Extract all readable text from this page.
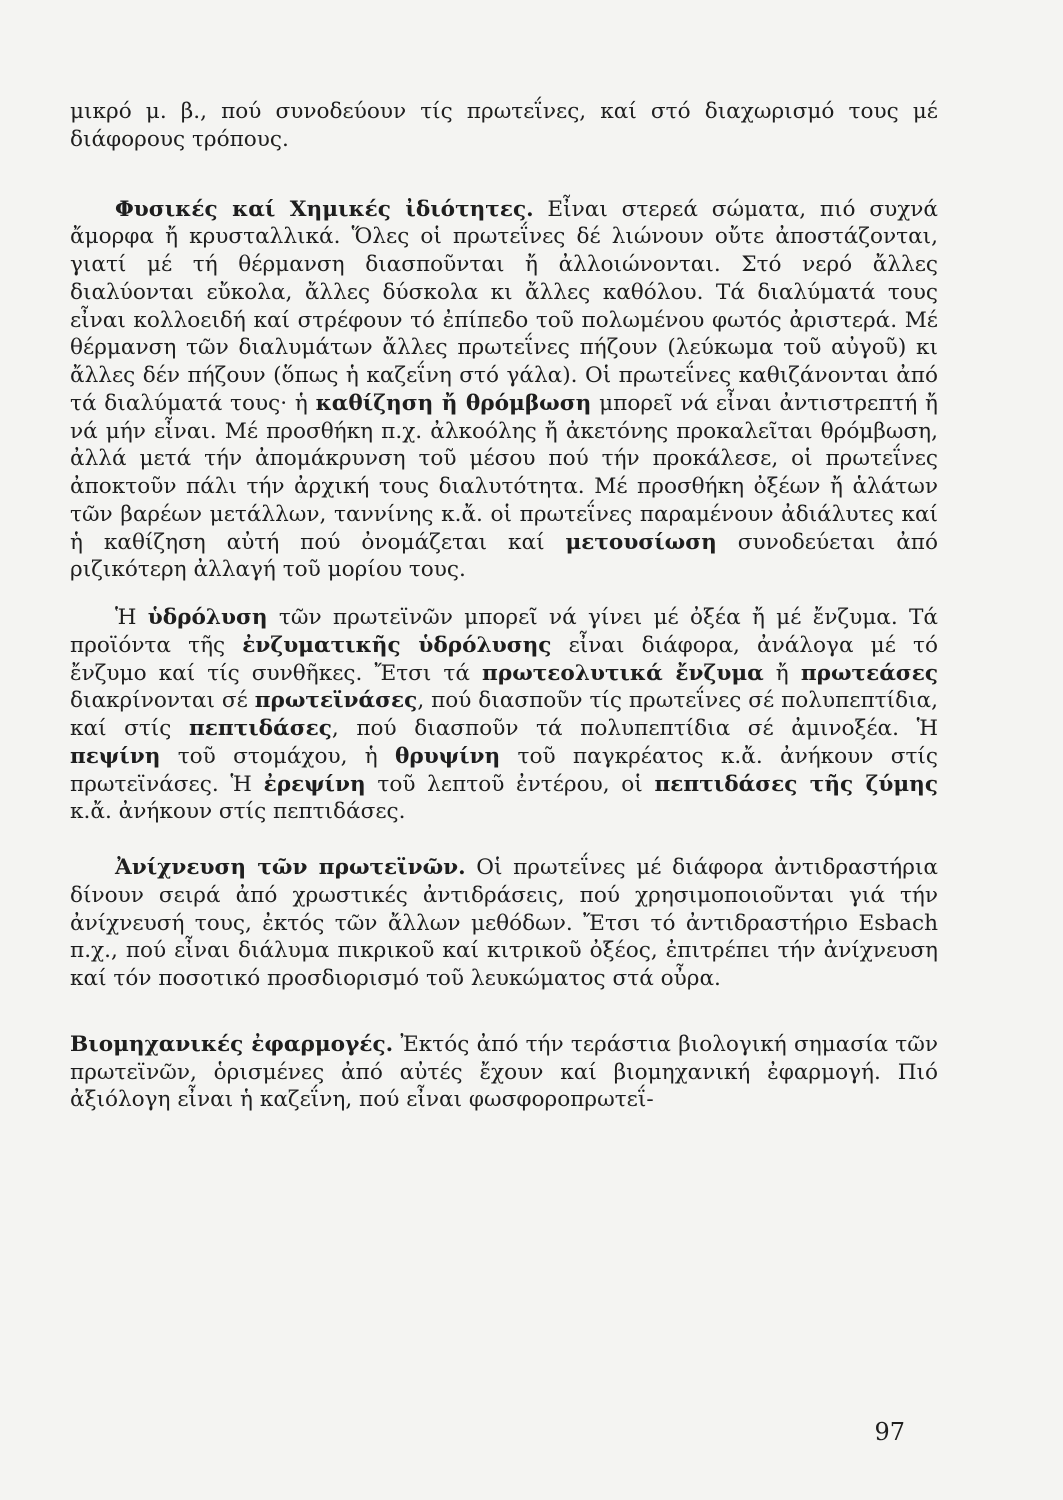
μικρό μ. β., πού συνοδεύουν τίς πρωτεΐνες, καί στό διαχωρισμό τους μέ διάφορους τρόπους.

Φυσικές καί Χημικές ἰδιότητες. Εἶναι στερεά σώματα, πιό συχνά ἄμορφα ἤ κρυσταλλικά. Ὅλες οἱ πρωτεΐνες δέ λιώνουν οὔτε ἀποστάζονται, γιατί μέ τή θέρμανση διασποῦνται ἤ ἀλλοιώνονται. Στό νερό ἄλλες διαλύονται εὔκολα, ἄλλες δύσκολα κι ἄλλες καθόλου. Τά διαλύματά τους εἶναι κολλοειδή καί στρέφουν τό ἐπίπεδο τοῦ πολωμένου φωτός ἀριστερά. Μέ θέρμανση τῶν διαλυμάτων ἄλλες πρωτεΐνες πήζουν (λεύκωμα τοῦ αὐγοῦ) κι ἄλλες δέν πήζουν (ὅπως ἡ καζεΐνη στό γάλα). Οἱ πρωτεΐνες καθιζάνονται ἀπό τά διαλύματά τους· ἡ καθίζηση ἤ θρόμβωση μπορεῖ νά εἶναι ἀντιστρεπτή ἤ νά μήν εἶναι. Μέ προσθήκη π.χ. ἀλκοόλης ἤ ἀκετόνης προκαλεῖται θρόμβωση, ἀλλά μετά τήν ἀπομάκρυνση τοῦ μέσου πού τήν προκάλεσε, οἱ πρωτεΐνες ἀποκτοῦν πάλι τήν ἀρχική τους διαλυτότητα. Μέ προσθήκη ὀξέων ἤ ἁλάτων τῶν βαρέων μετάλλων, ταννίνης κ.ἄ. οἱ πρωτεΐνες παραμένουν ἀδιάλυτες καί ἡ καθίζηση αὐτή πού ὀνομάζεται καί μετουσίωση συνοδεύεται ἀπό ριζικότερη ἀλλαγή τοῦ μορίου τους.

Ἡ ὑδρόλυση τῶν πρωτεϊνῶν μπορεῖ νά γίνει μέ ὀξέα ἤ μέ ἔνζυμα. Τά προϊόντα τῆς ἐνζυματικῆς ὑδρόλυσης εἶναι διάφορα, ἀνάλογα μέ τό ἔνζυμο καί τίς συνθῆκες. Ἔτσι τά πρωτεολυτικά ἔνζυμα ἤ πρωτεάσες διακρίνονται σέ πρωτεϊνάσες, πού διασποῦν τίς πρωτεΐνες σέ πολυπεπτίδια, καί στίς πεπτιδάσες, πού διασποῦν τά πολυπεπτίδια σέ ἀμινοξέα. Ἡ πεψίνη τοῦ στομάχου, ἡ θρυψίνη τοῦ παγκρέατος κ.ἄ. ἀνήκουν στίς πρωτεϊνάσες. Ἡ ἐρεψίνη τοῦ λεπτοῦ ἐντέρου, οἱ πεπτιδάσες τῆς ζύμης κ.ἄ. ἀνήκουν στίς πεπτιδάσες.

Ἀνίχνευση τῶν πρωτεϊνῶν. Οἱ πρωτεΐνες μέ διάφορα ἀντιδραστήρια δίνουν σειρά ἀπό χρωστικές ἀντιδράσεις, πού χρησιμοποιοῦνται γιά τήν ἀνίχνευσή τους, ἐκτός τῶν ἄλλων μεθόδων. Ἔτσι τό ἀντιδραστήριο Esbach π.χ., πού εἶναι διάλυμα πικρικοῦ καί κιτρικοῦ ὀξέος, ἐπιτρέπει τήν ἀνίχνευση καί τόν ποσοτικό προσδιορισμό τοῦ λευκώματος στά οὖρα.

Βιομηχανικές ἐφαρμογές. Ἐκτός ἀπό τήν τεράστια βιολογική σημασία τῶν πρωτεϊνῶν, ὁρισμένες ἀπό αὐτές ἔχουν καί βιομηχανική ἐφαρμογή. Πιό ἀξιόλογη εἶναι ἡ καζεΐνη, πού εἶναι φωσφοροπρωτεΐ-

97
